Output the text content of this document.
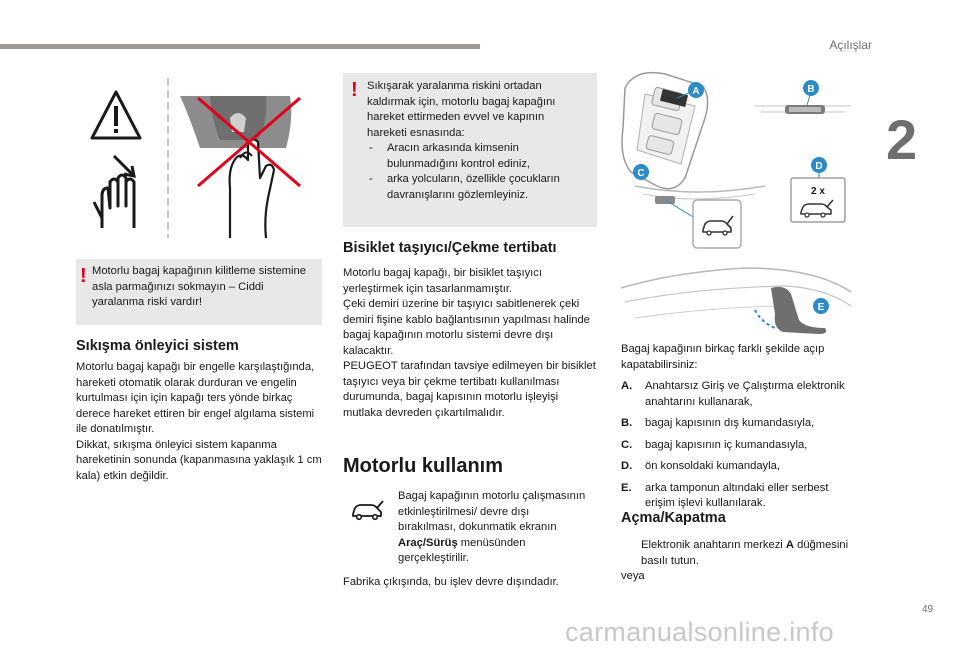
Açılışlar
2
! Motorlu bagaj kapağının kilitleme sistemine asla parmağınızı sokmayın – Ciddi yaralanma riski vardır!
Sıkışma önleyici sistem
Motorlu bagaj kapağı bir engelle karşılaştığında, hareketi otomatik olarak durduran ve engelin kurtulması için için kapağı ters yönde birkaç derece hareket ettiren bir engel algılama sistemi ile donatılmıştır.
Dikkat, sıkışma önleyici sistem kapanma hareketinin sonunda (kapanmasına yaklaşık 1 cm kala) etkin değildir.
! Sıkışarak yaralanma riskini ortadan kaldırmak için, motorlu bagaj kapağını hareket ettirmeden evvel ve kapının hareketi esnasında:
- Aracın arkasında kimsenin bulunmadığını kontrol ediniz,
- arka yolcuların, özellikle çocukların davranışlarını gözlemleyiniz.
Bisiklet taşıyıcı/Çekme tertibatı
Motorlu bagaj kapağı, bir bisiklet taşıyıcı yerleştirmek için tasarlanmamıştır.
Çeki demiri üzerine bir taşıyıcı sabitlenerek çeki demiri fişine kablo bağlantısının yapılması halinde bagaj kapağının motorlu sistemi devre dışı kalacaktır.
PEUGEOT tarafından tavsiye edilmeyen bir bisiklet taşıyıcı veya bir çekme tertibatı kullanılması durumunda, bagaj kapısının motorlu işleyişi mutlaka devreden çıkartılmalıdır.
Motorlu kullanım
Bagaj kapağının motorlu çalışmasının etkinleştirilmesi/ devre dışı bırakılması, dokunmatik ekranın Araç/Sürüş menüsünden gerçekleştirilir.
Fabrika çıkışında, bu işlev devre dışındadır.
A	B
C
2 x
D
E
Bagaj kapağının birkaç farklı şekilde açıp kapatabilirsiniz:
A. Anahtarsız Giriş ve Çalıştırma elektronik anahtarını kullanarak,
B. bagaj kapısının dış kumandasıyla,
C. bagaj kapısının iç kumandasıyla,
D. ön konsoldaki kumandayla,
E. arka tamponun altındaki eller serbest erişim işlevi kullanılarak.
Açma/Kapatma
Elektronik anahtarın merkezi A düğmesini basılı tutun.
veya
49
carmanualsonline.info
